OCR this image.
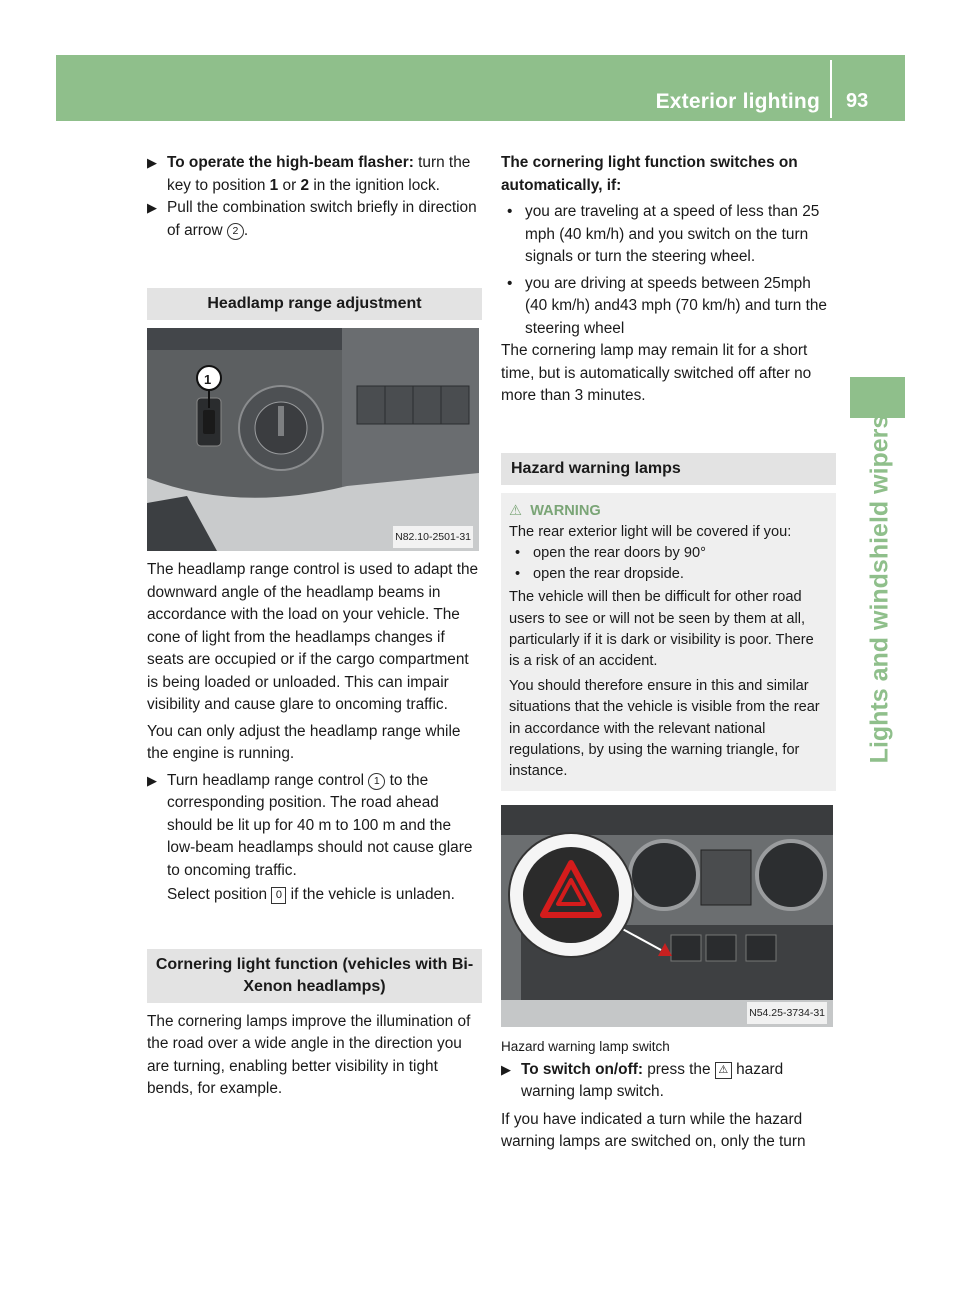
Exterior lighting 93
Lights and windshield wipers

▶ To operate the high-beam flasher: turn the key to position 1 or 2 in the ignition lock.

▶ Pull the combination switch briefly in direction of arrow 2 .

Headlamp range adjustment
1
N82.10-2501-31

The headlamp range control is used to adapt the downward angle of the headlamp beams in accordance with the load on your vehicle. The cone of light from the headlamps changes if seats are occupied or if the cargo compartment is being loaded or unloaded. This can impair visibility and cause glare to oncoming traffic.

You can only adjust the headlamp range while the engine is running.

▶ Turn headlamp range control 1 to the corresponding position. The road ahead should be lit up for 40 m to 100 m and the low-beam headlamps should not cause glare to oncoming traffic.

Select position 0 if the vehicle is unladen.

Cornering light function (vehicles with Bi-Xenon headlamps)

The cornering lamps improve the illumination of the road over a wide angle in the direction you are turning, enabling better visibility in tight bends, for example.

The cornering light function switches on automatically, if:

• you are traveling at a speed of less than 25 mph (40 km/h) and you switch on the turn signals or turn the steering wheel.

• you are driving at speeds between 25mph (40 km/h) and43 mph (70 km/h) and turn the steering wheel

The cornering lamp may remain lit for a short time, but is automatically switched off after no more than 3 minutes.

Hazard warning lamps
⚠ WARNING

The rear exterior light will be covered if you:

• open the rear doors by 90°

• open the rear dropside.

The vehicle will then be difficult for other road users to see or will not be seen by them at all, particularly if it is dark or visibility is poor. There is a risk of an accident.

You should therefore ensure in this and similar situations that the vehicle is visible from the rear in accordance with the relevant national regulations, by using the warning triangle, for instance.

N54.25-3734-31

Hazard warning lamp switch

▶ To switch on/off: press the ⚠ hazard warning lamp switch.

If you have indicated a turn while the hazard warning lamps are switched on, only the turn
